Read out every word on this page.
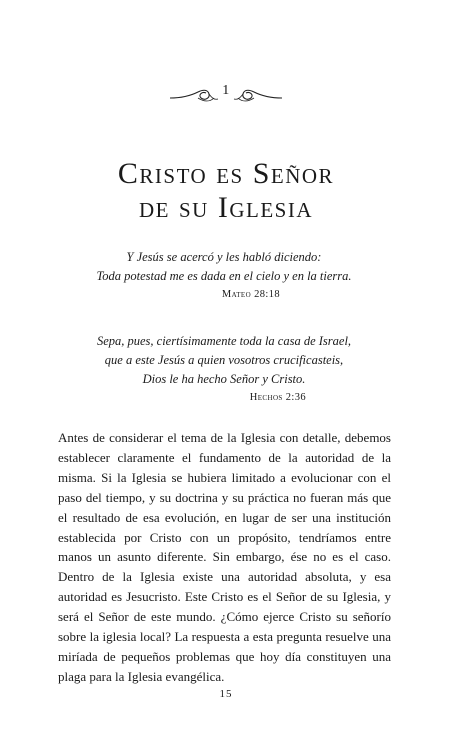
1
Cristo es Señor
de su Iglesia
Y Jesús se acercó y les habló diciendo:
Toda potestad me es dada en el cielo y en la tierra.
Mateo 28:18
Sepa, pues, ciertísimamente toda la casa de Israel,
que a este Jesús a quien vosotros crucificasteis,
Dios le ha hecho Señor y Cristo.
Hechos 2:36

Antes de considerar el tema de la Iglesia con detalle, debemos establecer claramente el fundamento de la autoridad de la misma. Si la Iglesia se hubiera limitado a evolucionar con el paso del tiempo, y su doctrina y su práctica no fueran más que el resultado de esa evolución, en lugar de ser una institución establecida por Cristo con un propósito, tendríamos entre manos un asunto diferente. Sin embargo, ése no es el caso. Dentro de la Iglesia existe una autoridad absoluta, y esa autoridad es Jesucristo. Este Cristo es el Señor de su Iglesia, y será el Señor de este mundo. ¿Cómo ejerce Cristo su señorío sobre la iglesia local? La respuesta a esta pregunta resuelve una miríada de pequeños problemas que hoy día constituyen una plaga para la Iglesia evangélica.

15
